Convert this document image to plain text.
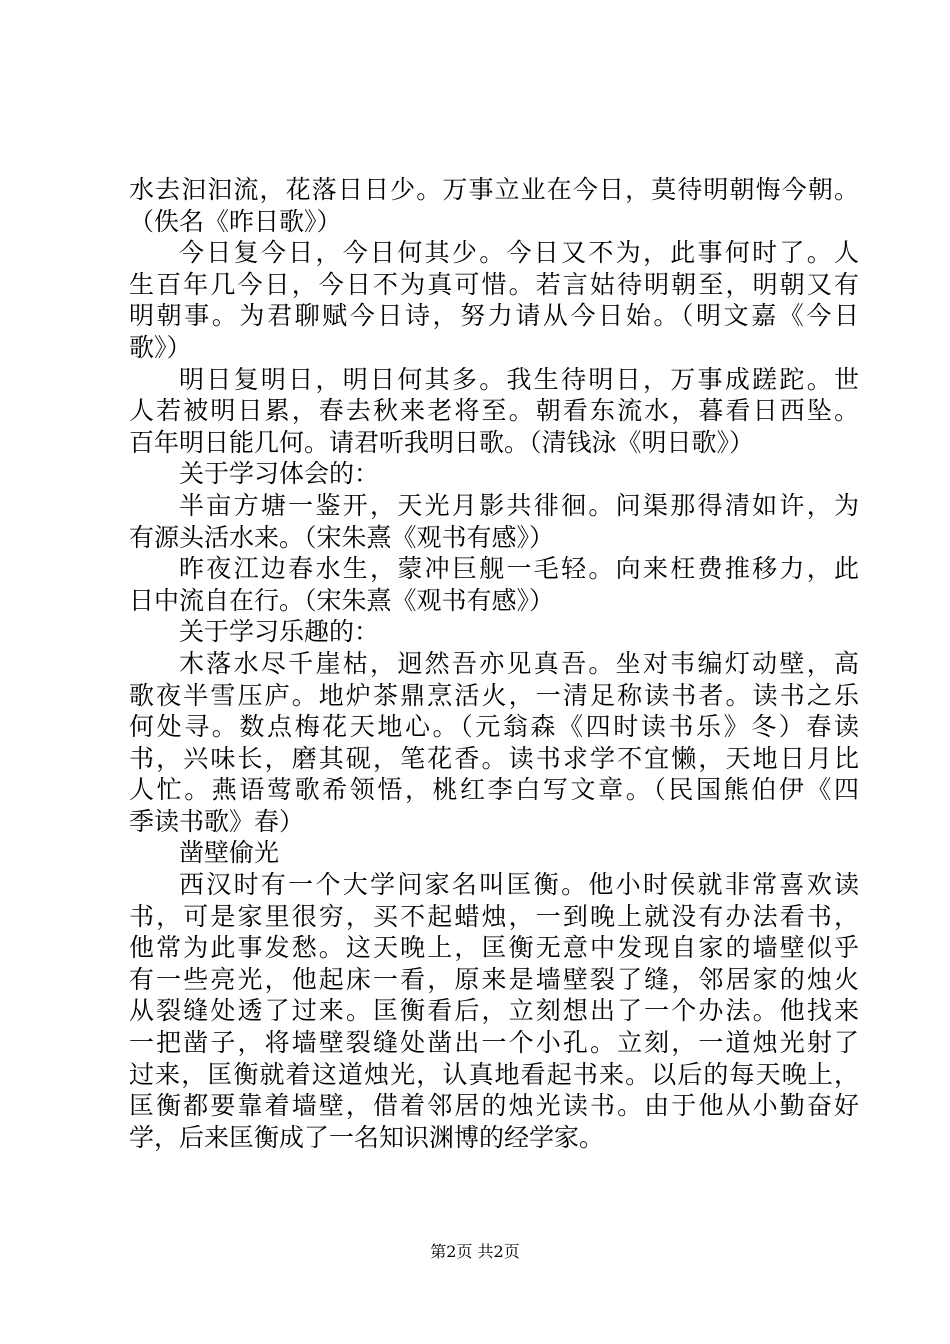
水去汩汩流，花落日日少。万事立业在今日，莫待明朝悔今朝。
（佚名《昨日歌》）
今日复今日，今日何其少。今日又不为，此事何时了。人
生百年几今日，今日不为真可惜。若言姑待明朝至，明朝又有
明朝事。为君聊赋今日诗，努力请从今日始。（明文嘉《今日
歌》）
明日复明日，明日何其多。我生待明日，万事成蹉跎。世
人若被明日累，春去秋来老将至。朝看东流水，暮看日西坠。
百年明日能几何。请君听我明日歌。（清钱泳《明日歌》）
关于学习体会的：
半亩方塘一鉴开，天光月影共徘徊。问渠那得清如许，为
有源头活水来。（宋朱熹《观书有感》）
昨夜江边春水生，蒙冲巨舰一毛轻。向来枉费推移力，此
日中流自在行。（宋朱熹《观书有感》）
关于学习乐趣的：
木落水尽千崖枯，迥然吾亦见真吾。坐对韦编灯动壁，高
歌夜半雪压庐。地炉茶鼎烹活火，一清足称读书者。读书之乐
何处寻。数点梅花天地心。（元翁森《四时读书乐》冬）春读
书，兴味长，磨其砚，笔花香。读书求学不宜懒，天地日月比
人忙。燕语莺歌希领悟，桃红李白写文章。（民国熊伯伊《四
季读书歌》春）
凿壁偷光
西汉时有一个大学问家名叫匡衡。他小时侯就非常喜欢读
书，可是家里很穷，买不起蜡烛，一到晚上就没有办法看书，
他常为此事发愁。这天晚上，匡衡无意中发现自家的墙壁似乎
有一些亮光，他起床一看，原来是墙壁裂了缝，邻居家的烛火
从裂缝处透了过来。匡衡看后，立刻想出了一个办法。他找来
一把凿子，将墙壁裂缝处凿出一个小孔。立刻，一道烛光射了
过来，匡衡就着这道烛光，认真地看起书来。以后的每天晚上，
匡衡都要靠着墙壁，借着邻居的烛光读书。由于他从小勤奋好
学，后来匡衡成了一名知识渊博的经学家。
第2页 共2页
